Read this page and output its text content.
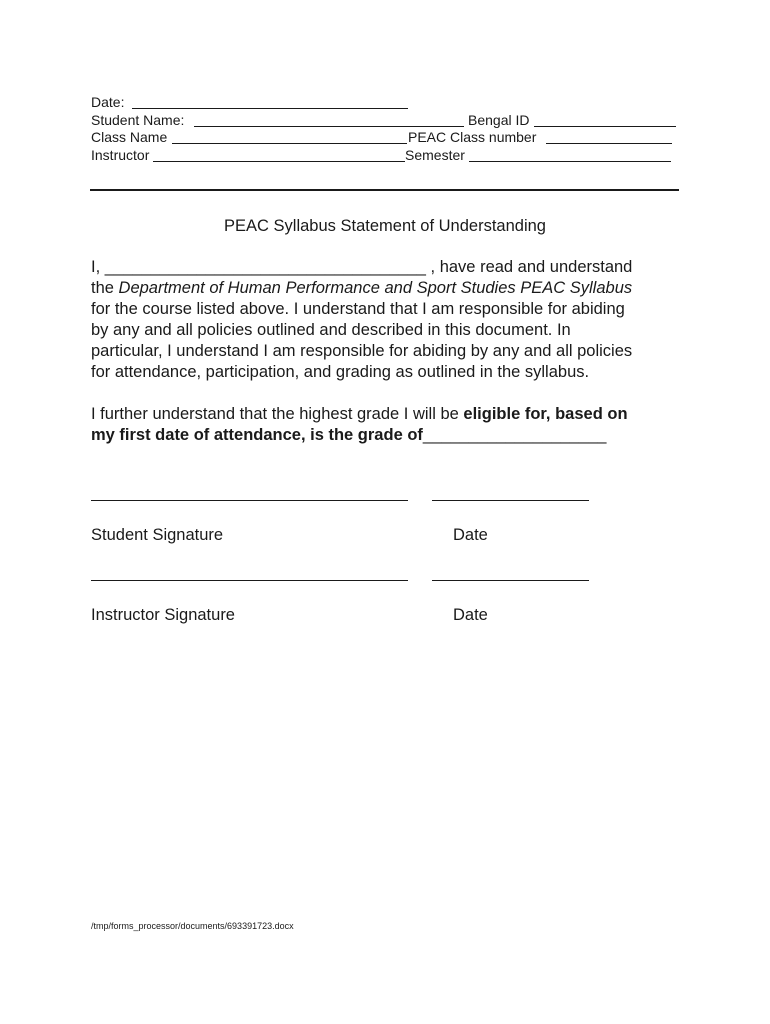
Date:
Student Name:	Bengal ID
Class Name	PEAC Class number
Instructor	Semester
PEAC Syllabus Statement of Understanding
I, ___________________________________ , have read and understand
the Department of Human Performance and Sport Studies PEAC Syllabus
for the course listed above. I understand that I am responsible for abiding
by any and all policies outlined and described in this document. In
particular, I understand I am responsible for abiding by any and all policies
for attendance, participation, and grading as outlined in the syllabus.
I further understand that the highest grade I will be eligible for, based on
my first date of attendance, is the grade of____________________
Student Signature	Date
Instructor Signature	Date
/tmp/forms_processor/documents/693391723.docx
